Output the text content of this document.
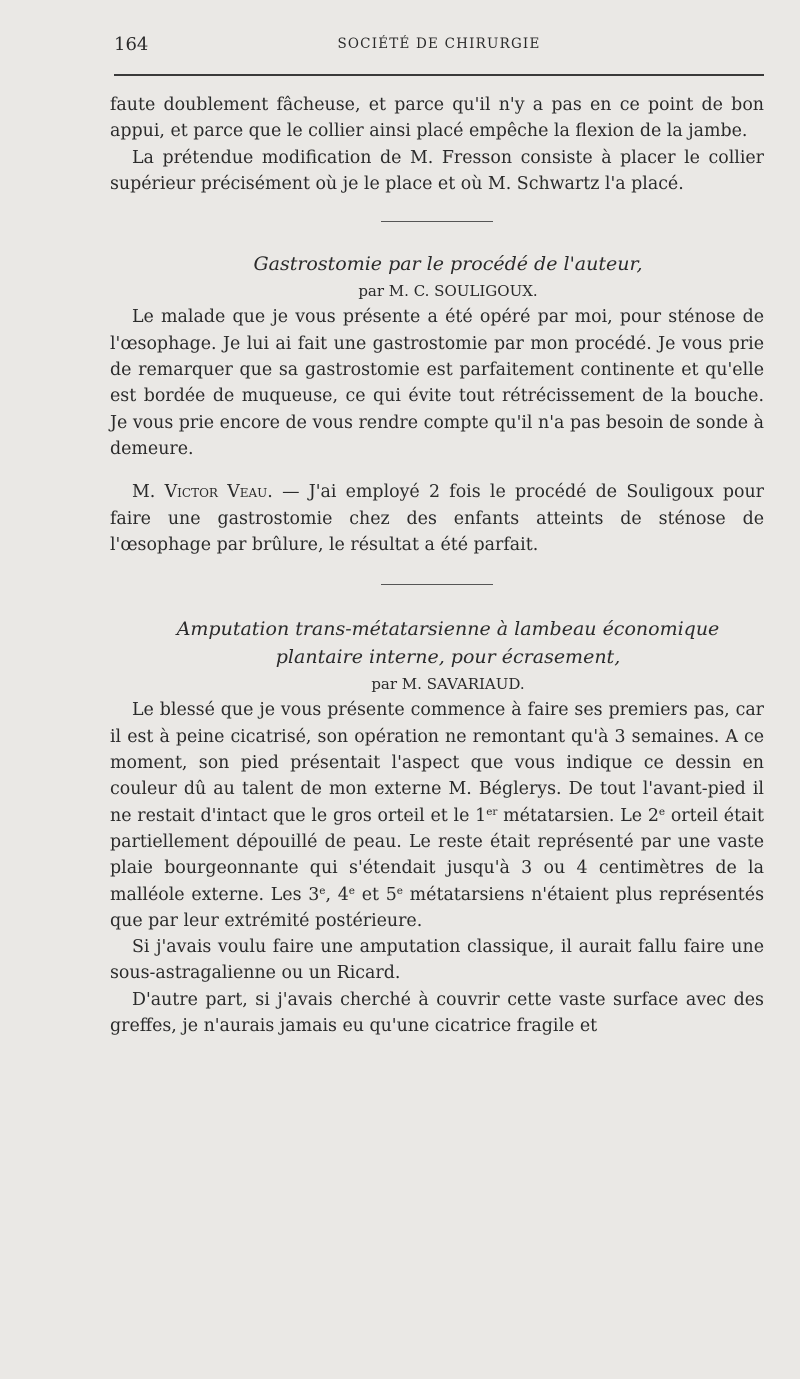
164	SOCIÉTÉ DE CHIRURGIE

faute doublement fâcheuse, et parce qu'il n'y a pas en ce point de bon appui, et parce que le collier ainsi placé empêche la flexion de la jambe.

La prétendue modification de M. Fresson consiste à placer le collier supérieur précisément où je le place et où M. Schwartz l'a placé.

Gastrostomie par le procédé de l'auteur,

par M. C. SOULIGOUX.

Le malade que je vous présente a été opéré par moi, pour sténose de l'œsophage. Je lui ai fait une gastrostomie par mon procédé. Je vous prie de remarquer que sa gastrostomie est parfaitement continente et qu'elle est bordée de muqueuse, ce qui évite tout rétrécissement de la bouche. Je vous prie encore de vous rendre compte qu'il n'a pas besoin de sonde à demeure.

M. Victor Veau. — J'ai employé 2 fois le procédé de Souligoux pour faire une gastrostomie chez des enfants atteints de sténose de l'œsophage par brûlure, le résultat a été parfait.

Amputation trans-métatarsienne à lambeau économique

plantaire interne, pour écrasement,

par M. SAVARIAUD.

Le blessé que je vous présente commence à faire ses premiers pas, car il est à peine cicatrisé, son opération ne remontant qu'à 3 semaines. A ce moment, son pied présentait l'aspect que vous indique ce dessin en couleur dû au talent de mon externe M. Béglerys. De tout l'avant-pied il ne restait d'intact que le gros orteil et le 1er métatarsien. Le 2e orteil était partiellement dépouillé de peau. Le reste était représenté par une vaste plaie bourgeonnante qui s'étendait jusqu'à 3 ou 4 centimètres de la malléole externe. Les 3e, 4e et 5e métatarsiens n'étaient plus représentés que par leur extrémité postérieure.

Si j'avais voulu faire une amputation classique, il aurait fallu faire une sous-astragalienne ou un Ricard.

D'autre part, si j'avais cherché à couvrir cette vaste surface avec des greffes, je n'aurais jamais eu qu'une cicatrice fragile et
